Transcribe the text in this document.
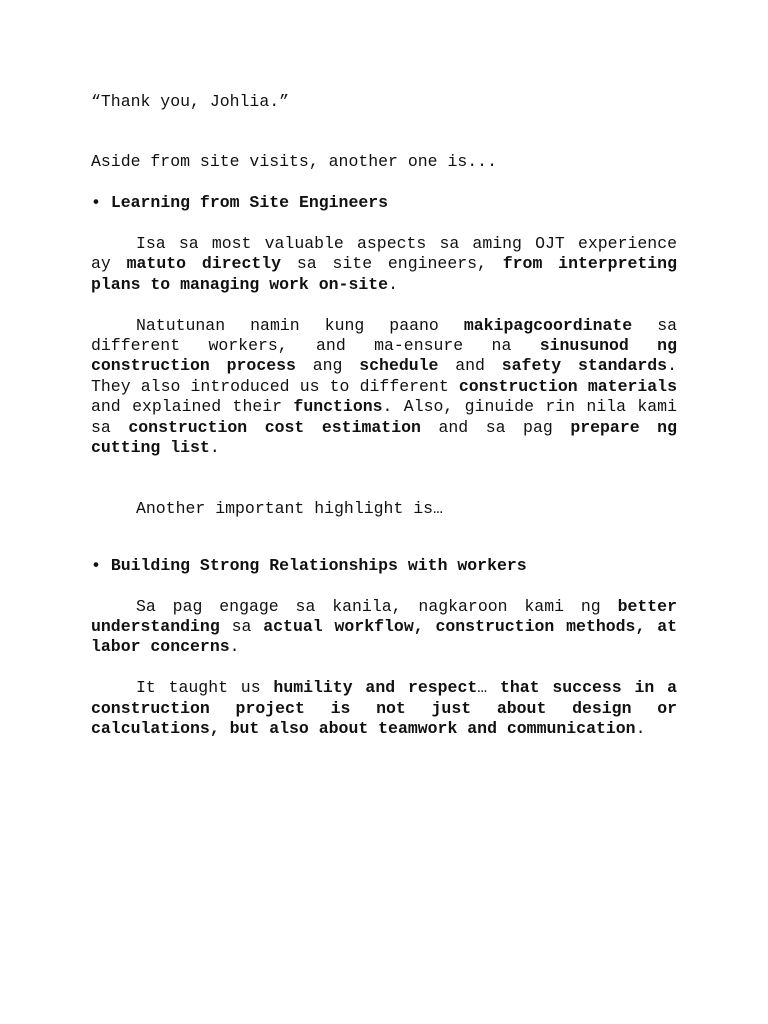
“Thank you, Johlia.”

Aside from site visits, another one is...

• Learning from Site Engineers

Isa sa most valuable aspects sa aming OJT experience ay matuto directly sa site engineers, from interpreting plans to managing work on-site.

Natutunan namin kung paano makipagcoordinate sa different workers, and ma-ensure na sinusunod ng construction process ang schedule and safety standards. They also introduced us to different construction materials and explained their functions. Also, ginuide rin nila kami sa construction cost estimation and sa pag prepare ng cutting list.

Another important highlight is…

• Building Strong Relationships with workers

Sa pag engage sa kanila, nagkaroon kami ng better understanding sa actual workflow, construction methods, at labor concerns.

It taught us humility and respect… that success in a construction project is not just about design or calculations, but also about teamwork and communication.
